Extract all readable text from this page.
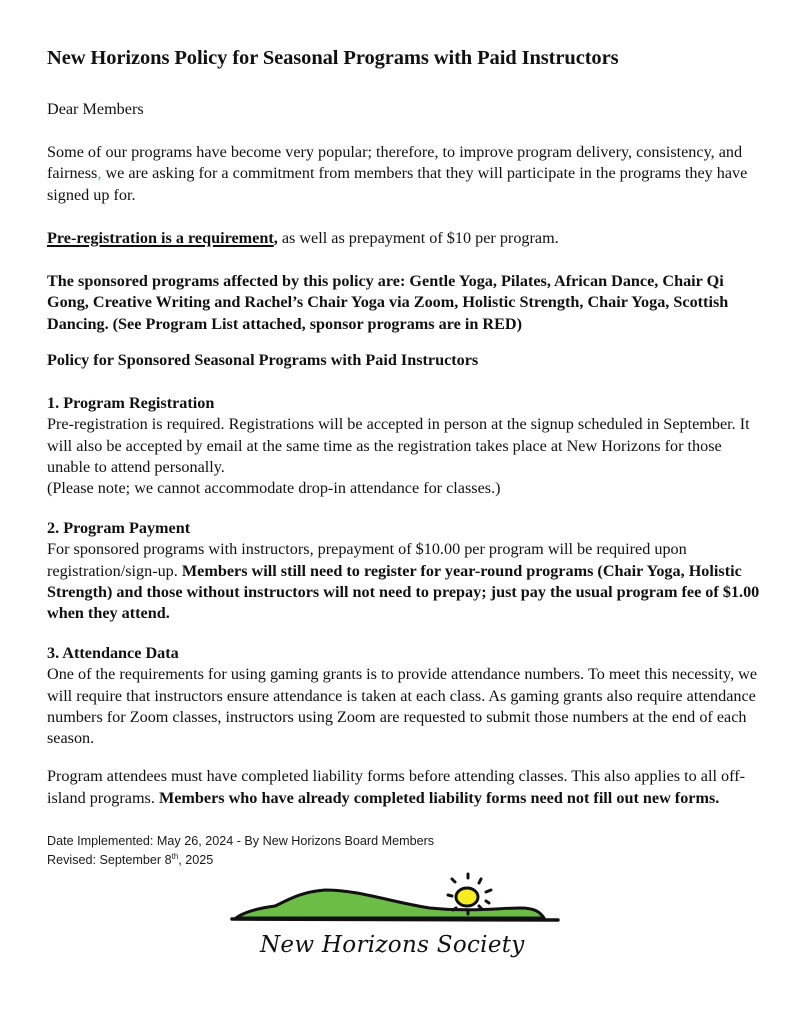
New Horizons Policy for Seasonal Programs with Paid Instructors

Dear Members

Some of our programs have become very popular; therefore, to improve program delivery, consistency, and fairness, we are asking for a commitment from members that they will participate in the programs they have signed up for.

Pre-registration is a requirement, as well as prepayment of $10 per program.

The sponsored programs affected by this policy are: Gentle Yoga, Pilates, African Dance, Chair Qi Gong, Creative Writing and Rachel’s Chair Yoga via Zoom, Holistic Strength, Chair Yoga, Scottish Dancing. (See Program List attached, sponsor programs are in RED)

Policy for Sponsored Seasonal Programs with Paid Instructors

1. Program Registration
Pre-registration is required. Registrations will be accepted in person at the signup scheduled in September. It will also be accepted by email at the same time as the registration takes place at New Horizons for those unable to attend personally.
(Please note; we cannot accommodate drop-in attendance for classes.)
2. Program Payment
For sponsored programs with instructors, prepayment of $10.00 per program will be required upon registration/sign-up. Members will still need to register for year-round programs (Chair Yoga, Holistic Strength) and those without instructors will not need to prepay; just pay the usual program fee of $1.00 when they attend.
3. Attendance Data
One of the requirements for using gaming grants is to provide attendance numbers. To meet this necessity, we will require that instructors ensure attendance is taken at each class. As gaming grants also require attendance numbers for Zoom classes, instructors using Zoom are requested to submit those numbers at the end of each season.

Program attendees must have completed liability forms before attending classes. This also applies to all off-island programs. Members who have already completed liability forms need not fill out new forms.

Date Implemented: May 26, 2024 - By New Horizons Board Members
Revised: September 8th, 2025
New Horizons Society
